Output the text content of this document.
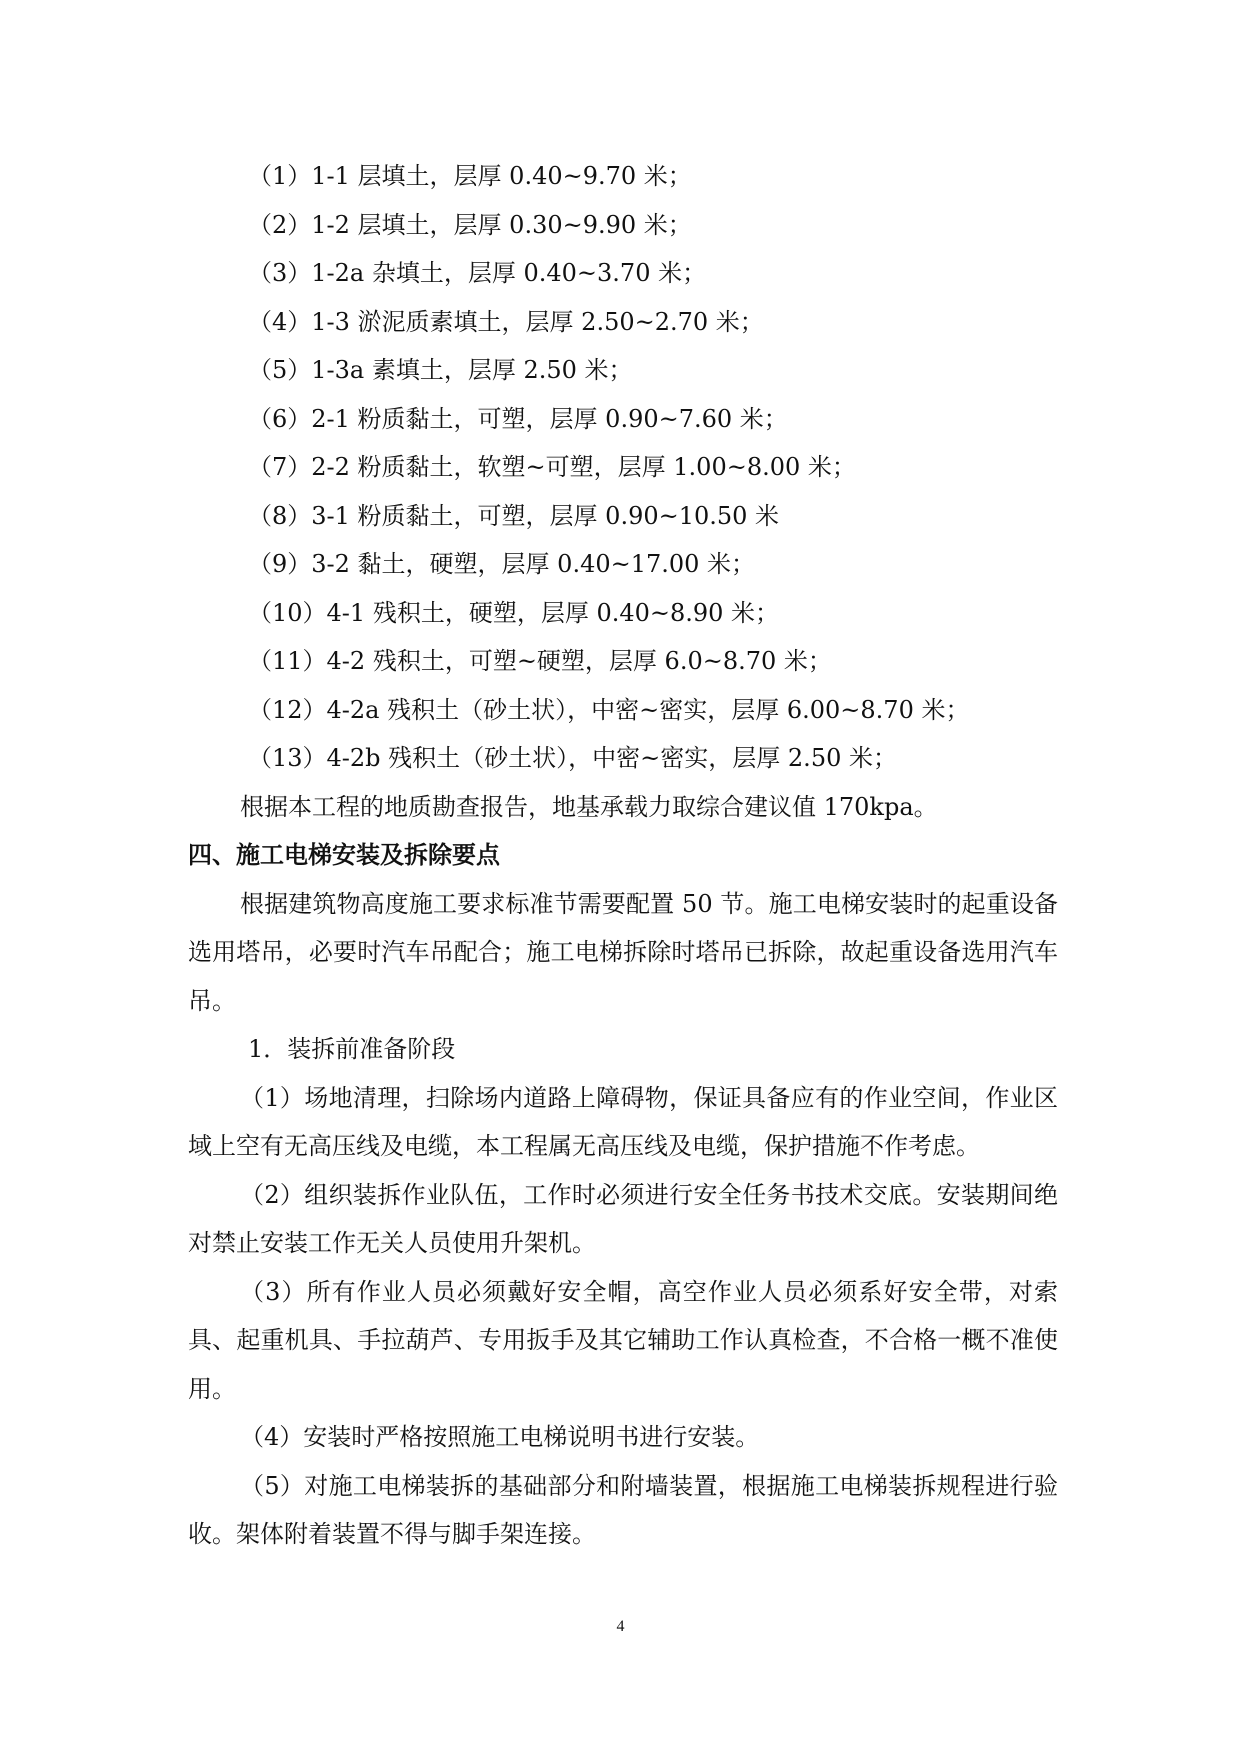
（1）1-1 层填土，层厚 0.40~9.70 米；
（2）1-2 层填土，层厚 0.30~9.90 米；
（3）1-2a 杂填土，层厚 0.40~3.70 米；
（4）1-3 淤泥质素填土，层厚 2.50~2.70 米；
（5）1-3a 素填土，层厚 2.50 米；
（6）2-1 粉质黏土，可塑，层厚 0.90~7.60 米；
（7）2-2 粉质黏土，软塑~可塑，层厚 1.00~8.00 米；
（8）3-1 粉质黏土，可塑，层厚 0.90~10.50 米
（9）3-2 黏土，硬塑，层厚 0.40~17.00 米；
（10）4-1 残积土，硬塑，层厚 0.40~8.90 米；
（11）4-2 残积土，可塑~硬塑，层厚 6.0~8.70 米；
（12）4-2a 残积土（砂土状），中密~密实，层厚 6.00~8.70 米；
（13）4-2b 残积土（砂土状），中密~密实，层厚 2.50 米；
根据本工程的地质勘查报告，地基承载力取综合建议值 170kpa。
四、施工电梯安装及拆除要点

根据建筑物高度施工要求标准节需要配置 50 节。施工电梯安装时的起重设备选用塔吊，必要时汽车吊配合；施工电梯拆除时塔吊已拆除，故起重设备选用汽车吊。

1．装拆前准备阶段

（1）场地清理，扫除场内道路上障碍物，保证具备应有的作业空间，作业区域上空有无高压线及电缆，本工程属无高压线及电缆，保护措施不作考虑。

（2）组织装拆作业队伍，工作时必须进行安全任务书技术交底。安装期间绝对禁止安装工作无关人员使用升架机。

（3）所有作业人员必须戴好安全帽，高空作业人员必须系好安全带，对索具、起重机具、手拉葫芦、专用扳手及其它辅助工作认真检查，不合格一概不准使用。

（4）安装时严格按照施工电梯说明书进行安装。

（5）对施工电梯装拆的基础部分和附墙装置，根据施工电梯装拆规程进行验收。架体附着装置不得与脚手架连接。

4
